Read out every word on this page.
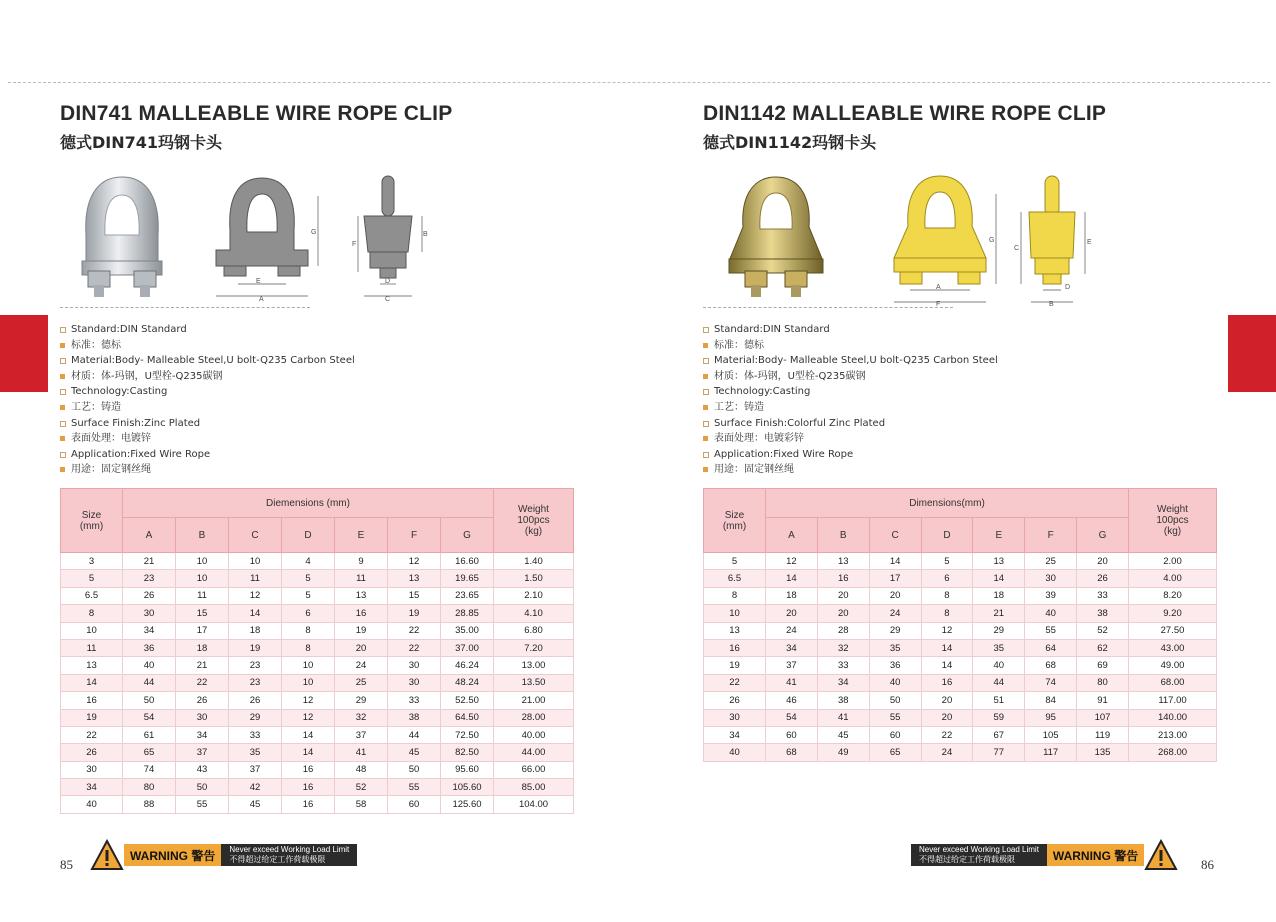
DIN741 MALLEABLE WIRE ROPE CLIP
德式DIN741玛钢卡头
E
A
G
F
B
D
C
Standard:DIN Standard
标准：德标
Material:Body- Malleable Steel,U bolt-Q235 Carbon Steel
材质：体-玛钢，U型栓-Q235碳钢
Technology:Casting
工艺：铸造
Surface Finish:Zinc Plated
表面处理：电镀锌
Application:Fixed Wire Rope
用途：固定钢丝绳
Size
(mm)	Diemensions (mm)							Weight
100pcs
(kg)
	A	B	C	D	E	F	G	
3	21	10	10	4	9	12	16.60	1.40
5	23	10	11	5	11	13	19.65	1.50
6.5	26	11	12	5	13	15	23.65	2.10
8	30	15	14	6	16	19	28.85	4.10
10	34	17	18	8	19	22	35.00	6.80
11	36	18	19	8	20	22	37.00	7.20
13	40	21	23	10	24	30	46.24	13.00
14	44	22	23	10	25	30	48.24	13.50
16	50	26	26	12	29	33	52.50	21.00
19	54	30	29	12	32	38	64.50	28.00
22	61	34	33	14	37	44	72.50	40.00
26	65	37	35	14	41	45	82.50	44.00
30	74	43	37	16	48	50	95.60	66.00
34	80	50	42	16	52	55	105.60	85.00
40	88	55	45	16	58	60	125.60	104.00
85
WARNING 警告	Never exceed Working Load Limit
不得超过给定工作荷载极限
DIN1142 MALLEABLE WIRE ROPE CLIP
德式DIN1142玛钢卡头
A
F
G
C
E
D
B
Standard:DIN Standard
标准：德标
Material:Body- Malleable Steel,U bolt-Q235 Carbon Steel
材质：体-玛钢，U型栓-Q235碳钢
Technology:Casting
工艺：铸造
Surface Finish:Colorful Zinc Plated
表面处理：电镀彩锌
Application:Fixed Wire Rope
用途：固定钢丝绳
Size
(mm)	Dimensions(mm)							Weight
100pcs
(kg)
	A	B	C	D	E	F	G	
5	12	13	14	5	13	25	20	2.00
6.5	14	16	17	6	14	30	26	4.00
8	18	20	20	8	18	39	33	8.20
10	20	20	24	8	21	40	38	9.20
13	24	28	29	12	29	55	52	27.50
16	34	32	35	14	35	64	62	43.00
19	37	33	36	14	40	68	69	49.00
22	41	34	40	16	44	74	80	68.00
26	46	38	50	20	51	84	91	117.00
30	54	41	55	20	59	95	107	140.00
34	60	45	60	22	67	105	119	213.00
40	68	49	65	24	77	117	135	268.00
Never exceed Working Load Limit
不得超过给定工作荷载极限	WARNING 警告
86
